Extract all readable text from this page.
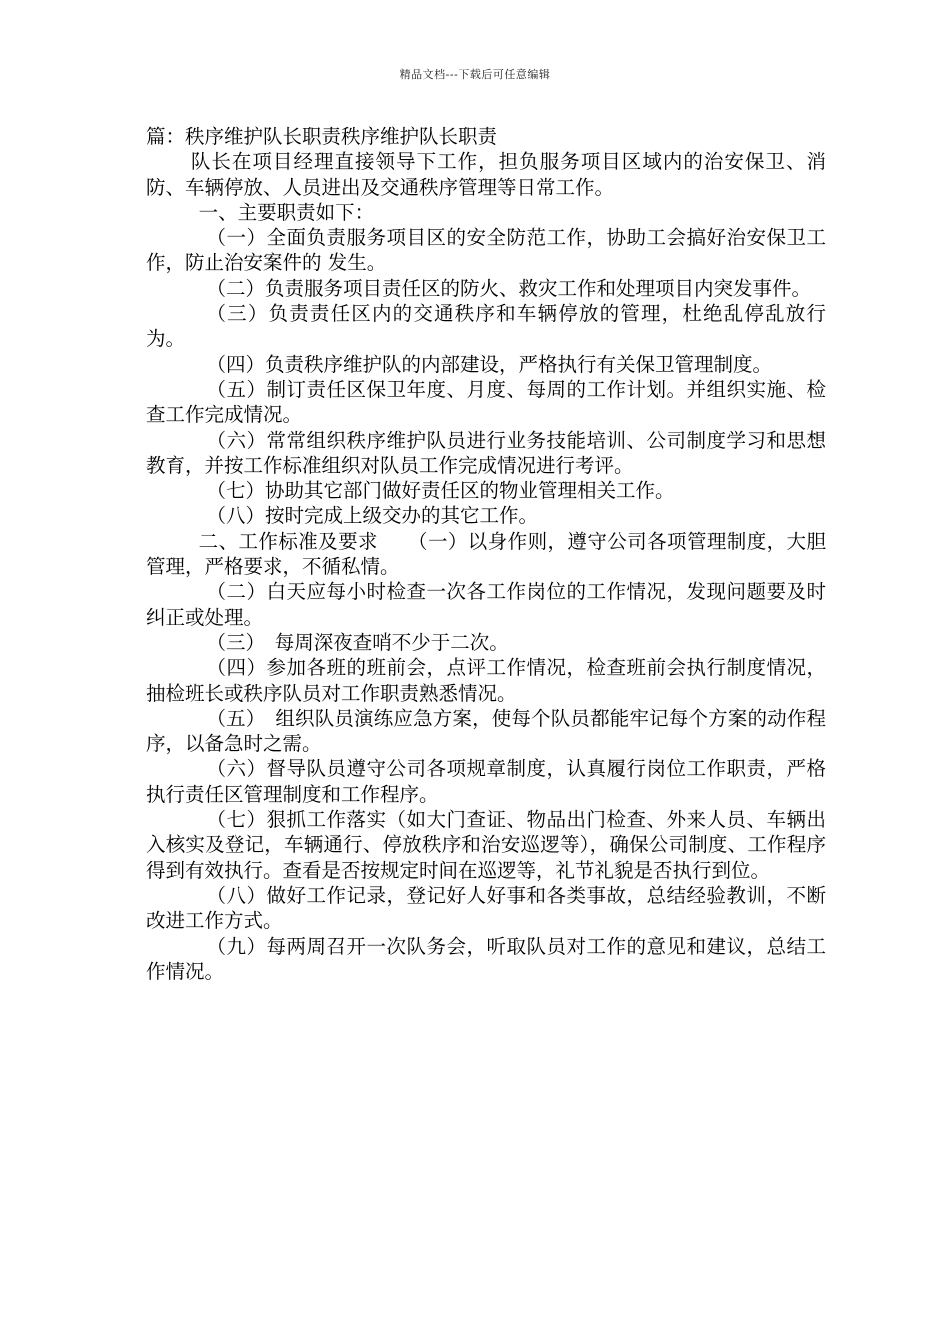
精品文档---下载后可任意编辑

篇：秩序维护队长职责秩序维护队长职责

队长在项目经理直接领导下工作，担负服务项目区域内的治安保卫、消防、车辆停放、人员进出及交通秩序管理等日常工作。

一、主要职责如下：

（一）全面负责服务项目区的安全防范工作，协助工会搞好治安保卫工作，防止治安案件的 发生。

（二）负责服务项目责任区的防火、救灾工作和处理项目内突发事件。

（三）负责责任区内的交通秩序和车辆停放的管理，杜绝乱停乱放行为。

（四）负责秩序维护队的内部建设，严格执行有关保卫管理制度。

（五）制订责任区保卫年度、月度、每周的工作计划。并组织实施、检查工作完成情况。

（六）常常组织秩序维护队员进行业务技能培训、公司制度学习和思想教育，并按工作标准组织对队员工作完成情况进行考评。

（七）协助其它部门做好责任区的物业管理相关工作。

（八）按时完成上级交办的其它工作。

二、工作标准及要求　　（一）以身作则，遵守公司各项管理制度，大胆管理，严格要求，不循私情。

（二）白天应每小时检查一次各工作岗位的工作情况，发现问题要及时纠正或处理。

（三）　每周深夜查哨不少于二次。

（四）参加各班的班前会，点评工作情况，检查班前会执行制度情况，抽检班长或秩序队员对工作职责熟悉情况。

（五）　组织队员演练应急方案，使每个队员都能牢记每个方案的动作程序，以备急时之需。

（六）督导队员遵守公司各项规章制度，认真履行岗位工作职责，严格执行责任区管理制度和工作程序。

（七）狠抓工作落实（如大门查证、物品出门检查、外来人员、车辆出入核实及登记，车辆通行、停放秩序和治安巡逻等），确保公司制度、工作程序得到有效执行。查看是否按规定时间在巡逻等，礼节礼貌是否执行到位。

（八）做好工作记录，登记好人好事和各类事故，总结经验教训，不断改进工作方式。

（九）每两周召开一次队务会，听取队员对工作的意见和建议，总结工作情况。
